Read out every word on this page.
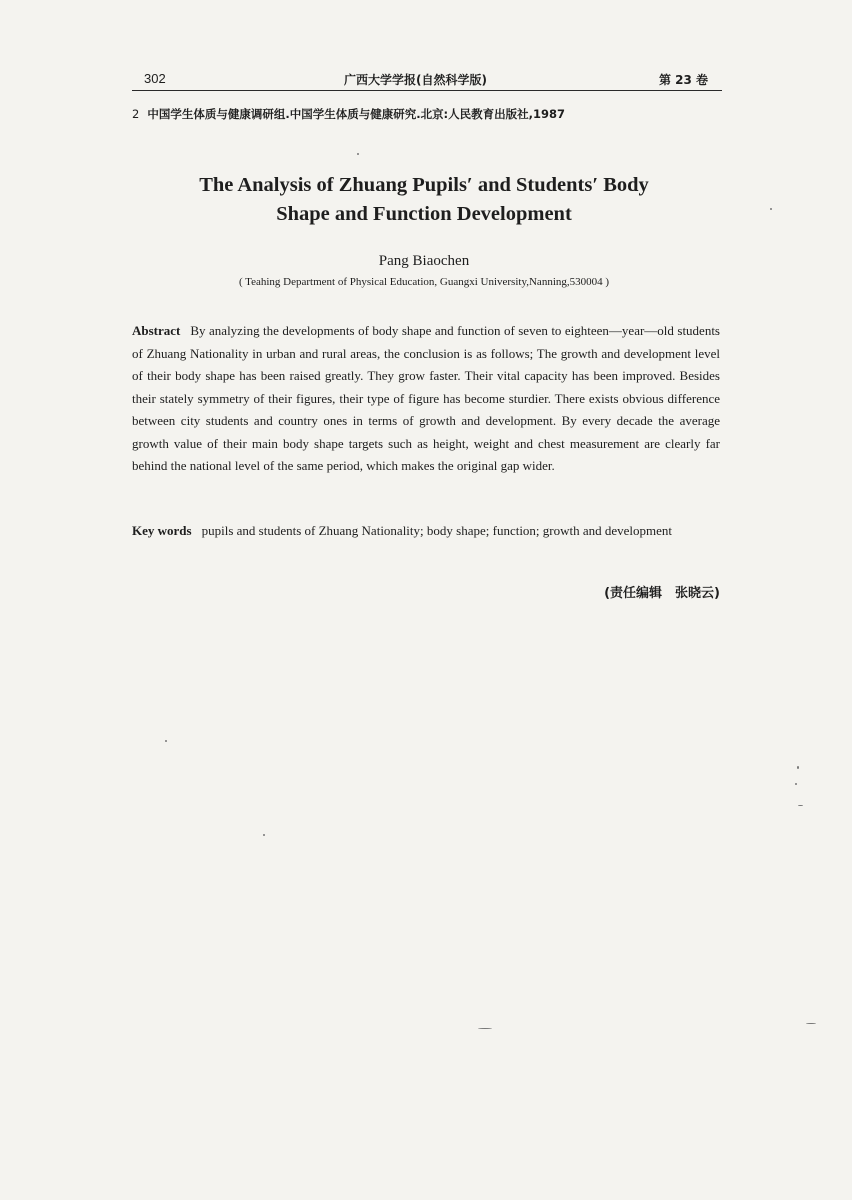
302	广西大学学报(自然科学版)	第 23 卷
2 中国学生体质与健康调研组.中国学生体质与健康研究.北京:人民教育出版社,1987
The Analysis of Zhuang Pupils′ and Students′ Body
Shape and Function Development
Pang Biaochen
( Teahing Department of Physical Education, Guangxi University,Nanning,530004 )
Abstract By analyzing the developments of body shape and function of seven to eighteen—year—old students of Zhuang Nationality in urban and rural areas, the conclusion is as follows; The growth and development level of their body shape has been raised greatly. They grow faster. Their vital capacity has been improved. Besides their stately symmetry of their figures, their type of figure has become sturdier. There exists obvious difference between city students and country ones in terms of growth and development. By every decade the average growth value of their main body shape targets such as height, weight and chest measurement are clearly far behind the national level of the same period, which makes the original gap wider.
Key words pupils and students of Zhuang Nationality; body shape; function; growth and development
(责任编辑　张晓云)
